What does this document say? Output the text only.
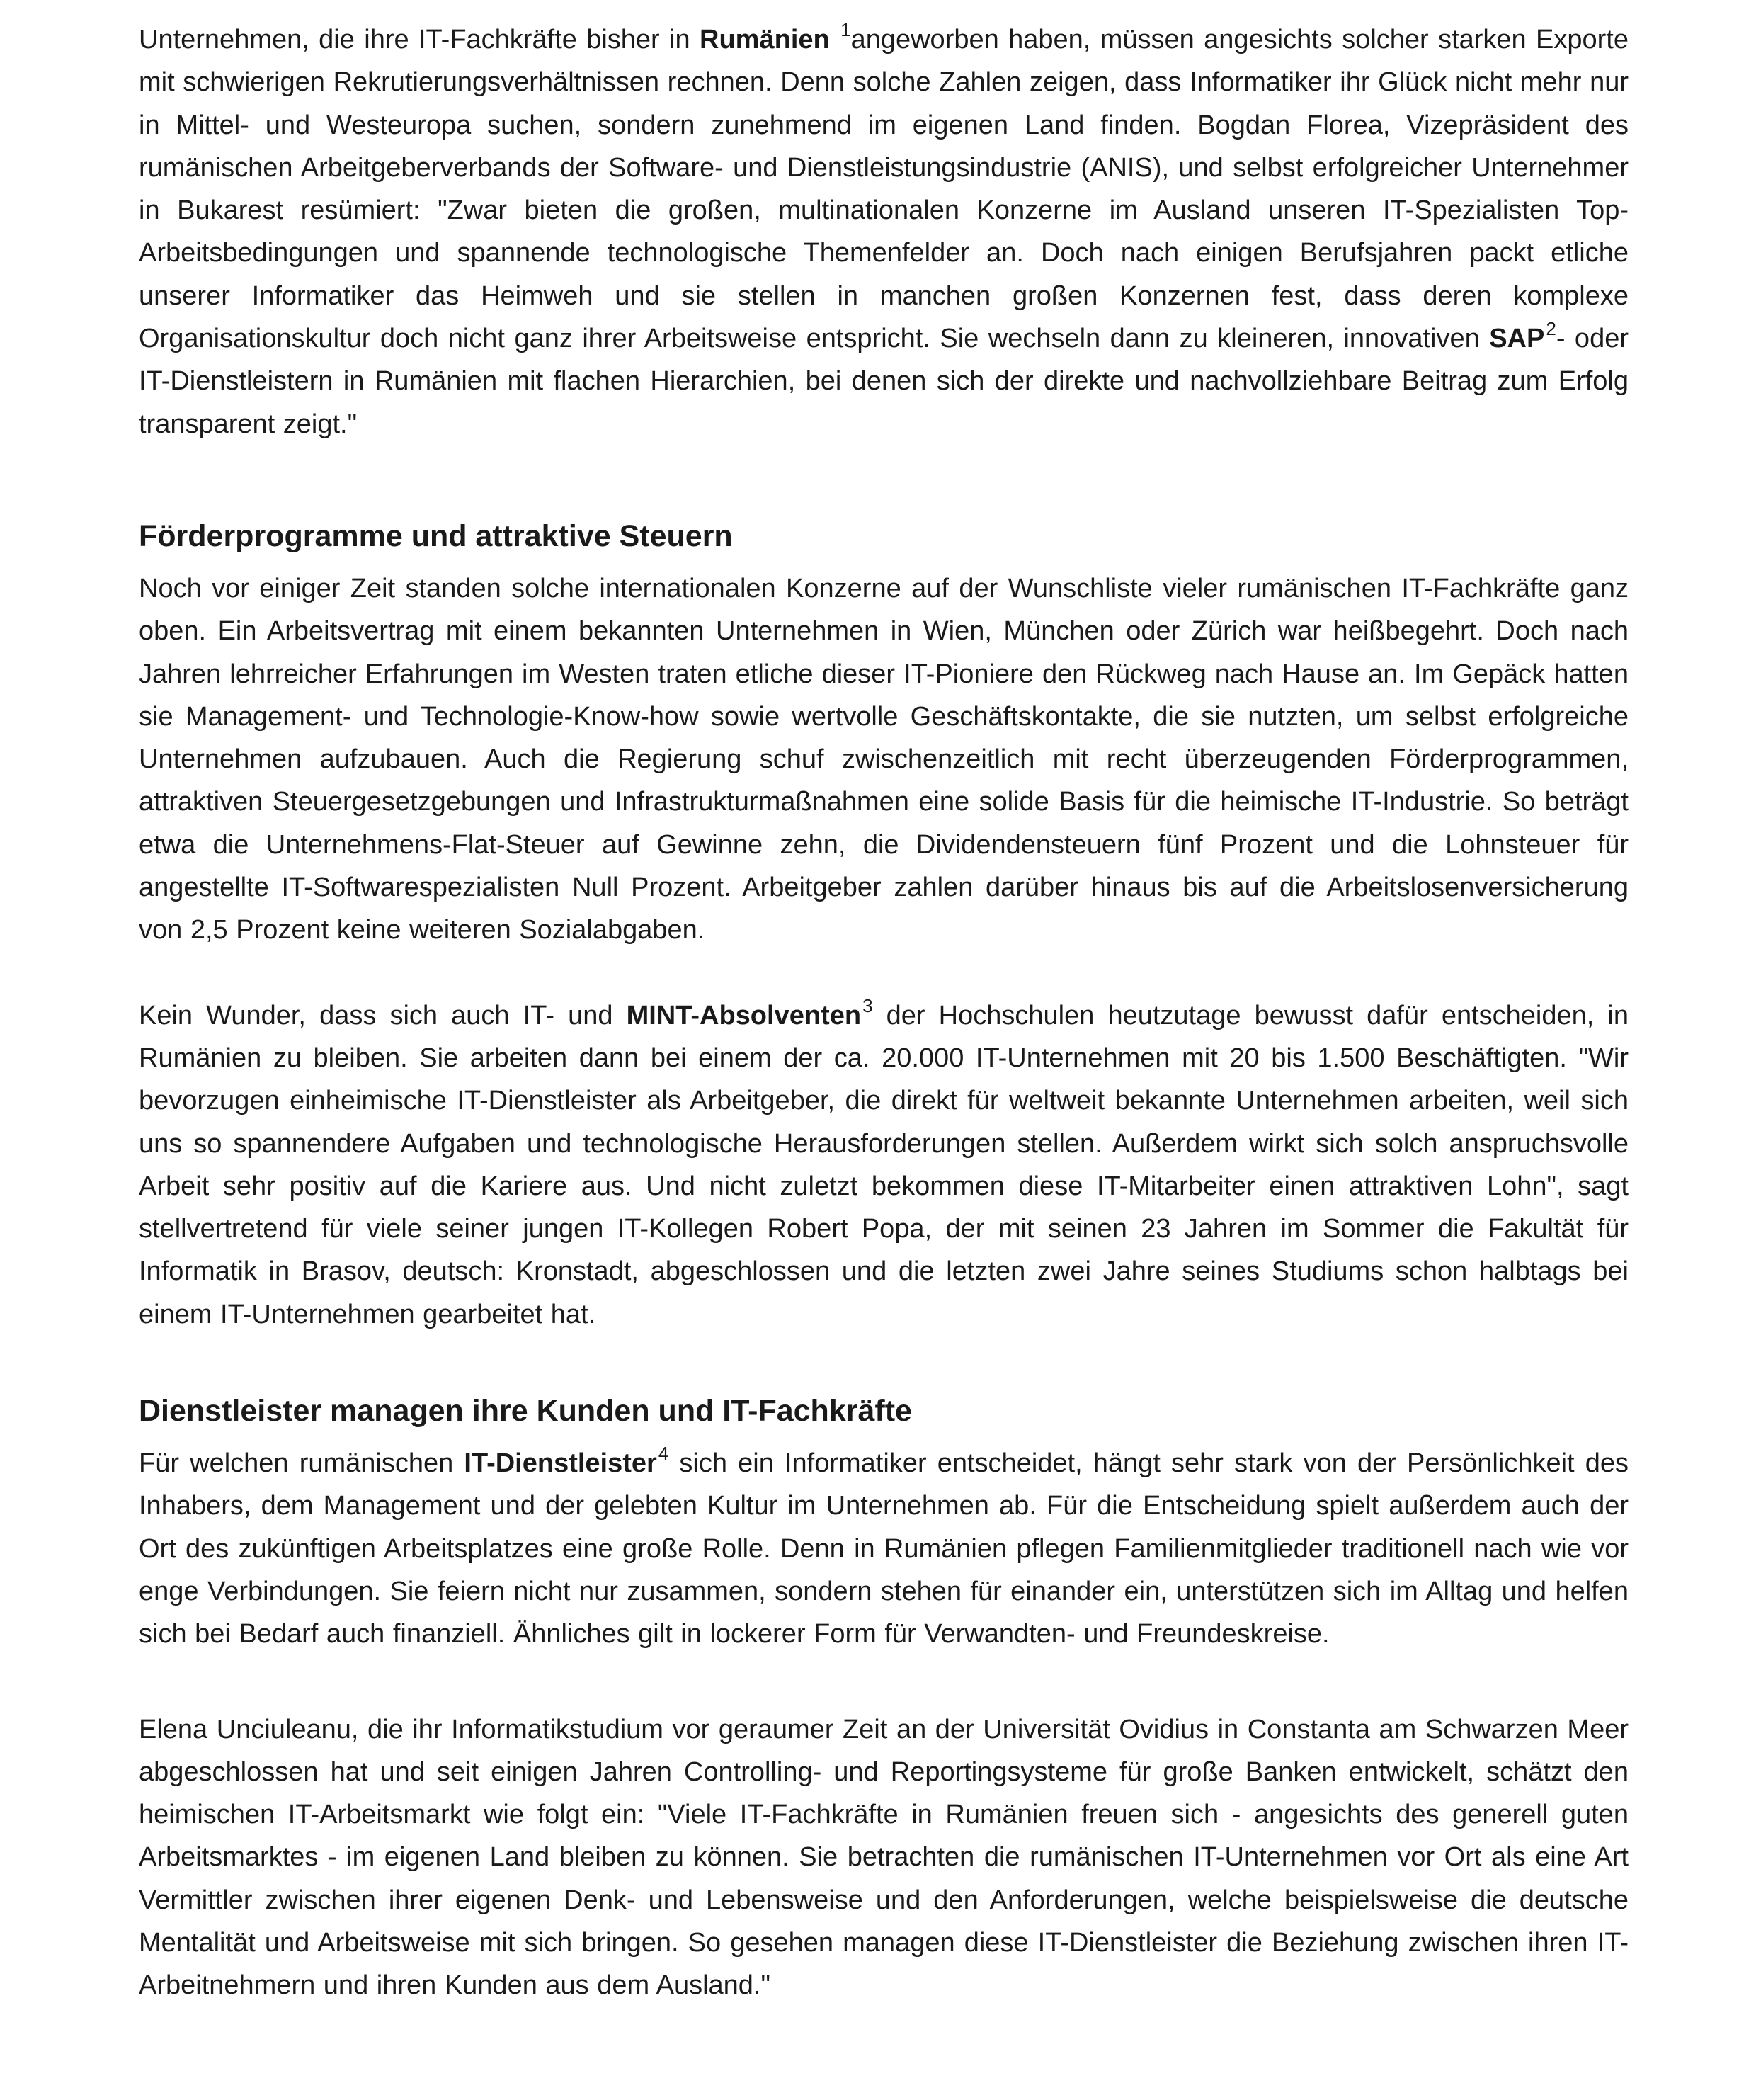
Unternehmen, die ihre IT-Fachkräfte bisher in Rumänien $^1$angeworben haben, müssen angesichts solcher starken Exporte mit schwierigen Rekrutierungsverhältnissen rechnen. Denn solche Zahlen zeigen, dass Informatiker ihr Glück nicht mehr nur in Mittel- und Westeuropa suchen, sondern zunehmend im eigenen Land finden. Bogdan Florea, Vizepräsident des rumänischen Arbeitgeberverbands der Software- und Dienstleistungsindustrie (ANIS), und selbst erfolgreicher Unternehmer in Bukarest resümiert: "Zwar bieten die großen, multinationalen Konzerne im Ausland unseren IT-Spezialisten Top-Arbeitsbedingungen und spannende technologische Themenfelder an. Doch nach einigen Berufsjahren packt etliche unserer Informatiker das Heimweh und sie stellen in manchen großen Konzernen fest, dass deren komplexe Organisationskultur doch nicht ganz ihrer Arbeitsweise entspricht. Sie wechseln dann zu kleineren, innovativen SAP$^2$- oder IT-Dienstleistern in Rumänien mit flachen Hierarchien, bei denen sich der direkte und nachvollziehbare Beitrag zum Erfolg transparent zeigt."

Förderprogramme und attraktive Steuern

Noch vor einiger Zeit standen solche internationalen Konzerne auf der Wunschliste vieler rumänischen IT-Fachkräfte ganz oben. Ein Arbeitsvertrag mit einem bekannten Unternehmen in Wien, München oder Zürich war heißbegehrt. Doch nach Jahren lehrreicher Erfahrungen im Westen traten etliche dieser IT-Pioniere den Rückweg nach Hause an. Im Gepäck hatten sie Management- und Technologie-Know-how sowie wertvolle Geschäftskontakte, die sie nutzten, um selbst erfolgreiche Unternehmen aufzubauen. Auch die Regierung schuf zwischenzeitlich mit recht überzeugenden Förderprogrammen, attraktiven Steuergesetzgebungen und Infrastrukturmaßnahmen eine solide Basis für die heimische IT-Industrie. So beträgt etwa die Unternehmens-Flat-Steuer auf Gewinne zehn, die Dividendensteuern fünf Prozent und die Lohnsteuer für angestellte IT-Softwarespezialisten Null Prozent. Arbeitgeber zahlen darüber hinaus bis auf die Arbeitslosenversicherung von 2,5 Prozent keine weiteren Sozialabgaben.

Kein Wunder, dass sich auch IT- und MINT-Absolventen$^3$ der Hochschulen heutzutage bewusst dafür entscheiden, in Rumänien zu bleiben. Sie arbeiten dann bei einem der ca. 20.000 IT-Unternehmen mit 20 bis 1.500 Beschäftigten. "Wir bevorzugen einheimische IT-Dienstleister als Arbeitgeber, die direkt für weltweit bekannte Unternehmen arbeiten, weil sich uns so spannendere Aufgaben und technologische Herausforderungen stellen. Außerdem wirkt sich solch anspruchsvolle Arbeit sehr positiv auf die Kariere aus. Und nicht zuletzt bekommen diese IT-Mitarbeiter einen attraktiven Lohn", sagt stellvertretend für viele seiner jungen IT-Kollegen Robert Popa, der mit seinen 23 Jahren im Sommer die Fakultät für Informatik in Brasov, deutsch: Kronstadt, abgeschlossen und die letzten zwei Jahre seines Studiums schon halbtags bei einem IT-Unternehmen gearbeitet hat.

Dienstleister managen ihre Kunden und IT-Fachkräfte

Für welchen rumänischen IT-Dienstleister$^4$ sich ein Informatiker entscheidet, hängt sehr stark von der Persönlichkeit des Inhabers, dem Management und der gelebten Kultur im Unternehmen ab. Für die Entscheidung spielt außerdem auch der Ort des zukünftigen Arbeitsplatzes eine große Rolle. Denn in Rumänien pflegen Familienmitglieder traditionell nach wie vor enge Verbindungen. Sie feiern nicht nur zusammen, sondern stehen für einander ein, unterstützen sich im Alltag und helfen sich bei Bedarf auch finanziell. Ähnliches gilt in lockerer Form für Verwandten- und Freundeskreise.

Elena Unciuleanu, die ihr Informatikstudium vor geraumer Zeit an der Universität Ovidius in Constanta am Schwarzen Meer abgeschlossen hat und seit einigen Jahren Controlling- und Reportingsysteme für große Banken entwickelt, schätzt den heimischen IT-Arbeitsmarkt wie folgt ein: "Viele IT-Fachkräfte in Rumänien freuen sich - angesichts des generell guten Arbeitsmarktes - im eigenen Land bleiben zu können. Sie betrachten die rumänischen IT-Unternehmen vor Ort als eine Art Vermittler zwischen ihrer eigenen Denk- und Lebensweise und den Anforderungen, welche beispielsweise die deutsche Mentalität und Arbeitsweise mit sich bringen. So gesehen managen diese IT-Dienstleister die Beziehung zwischen ihren IT-Arbeitnehmern und ihren Kunden aus dem Ausland."
